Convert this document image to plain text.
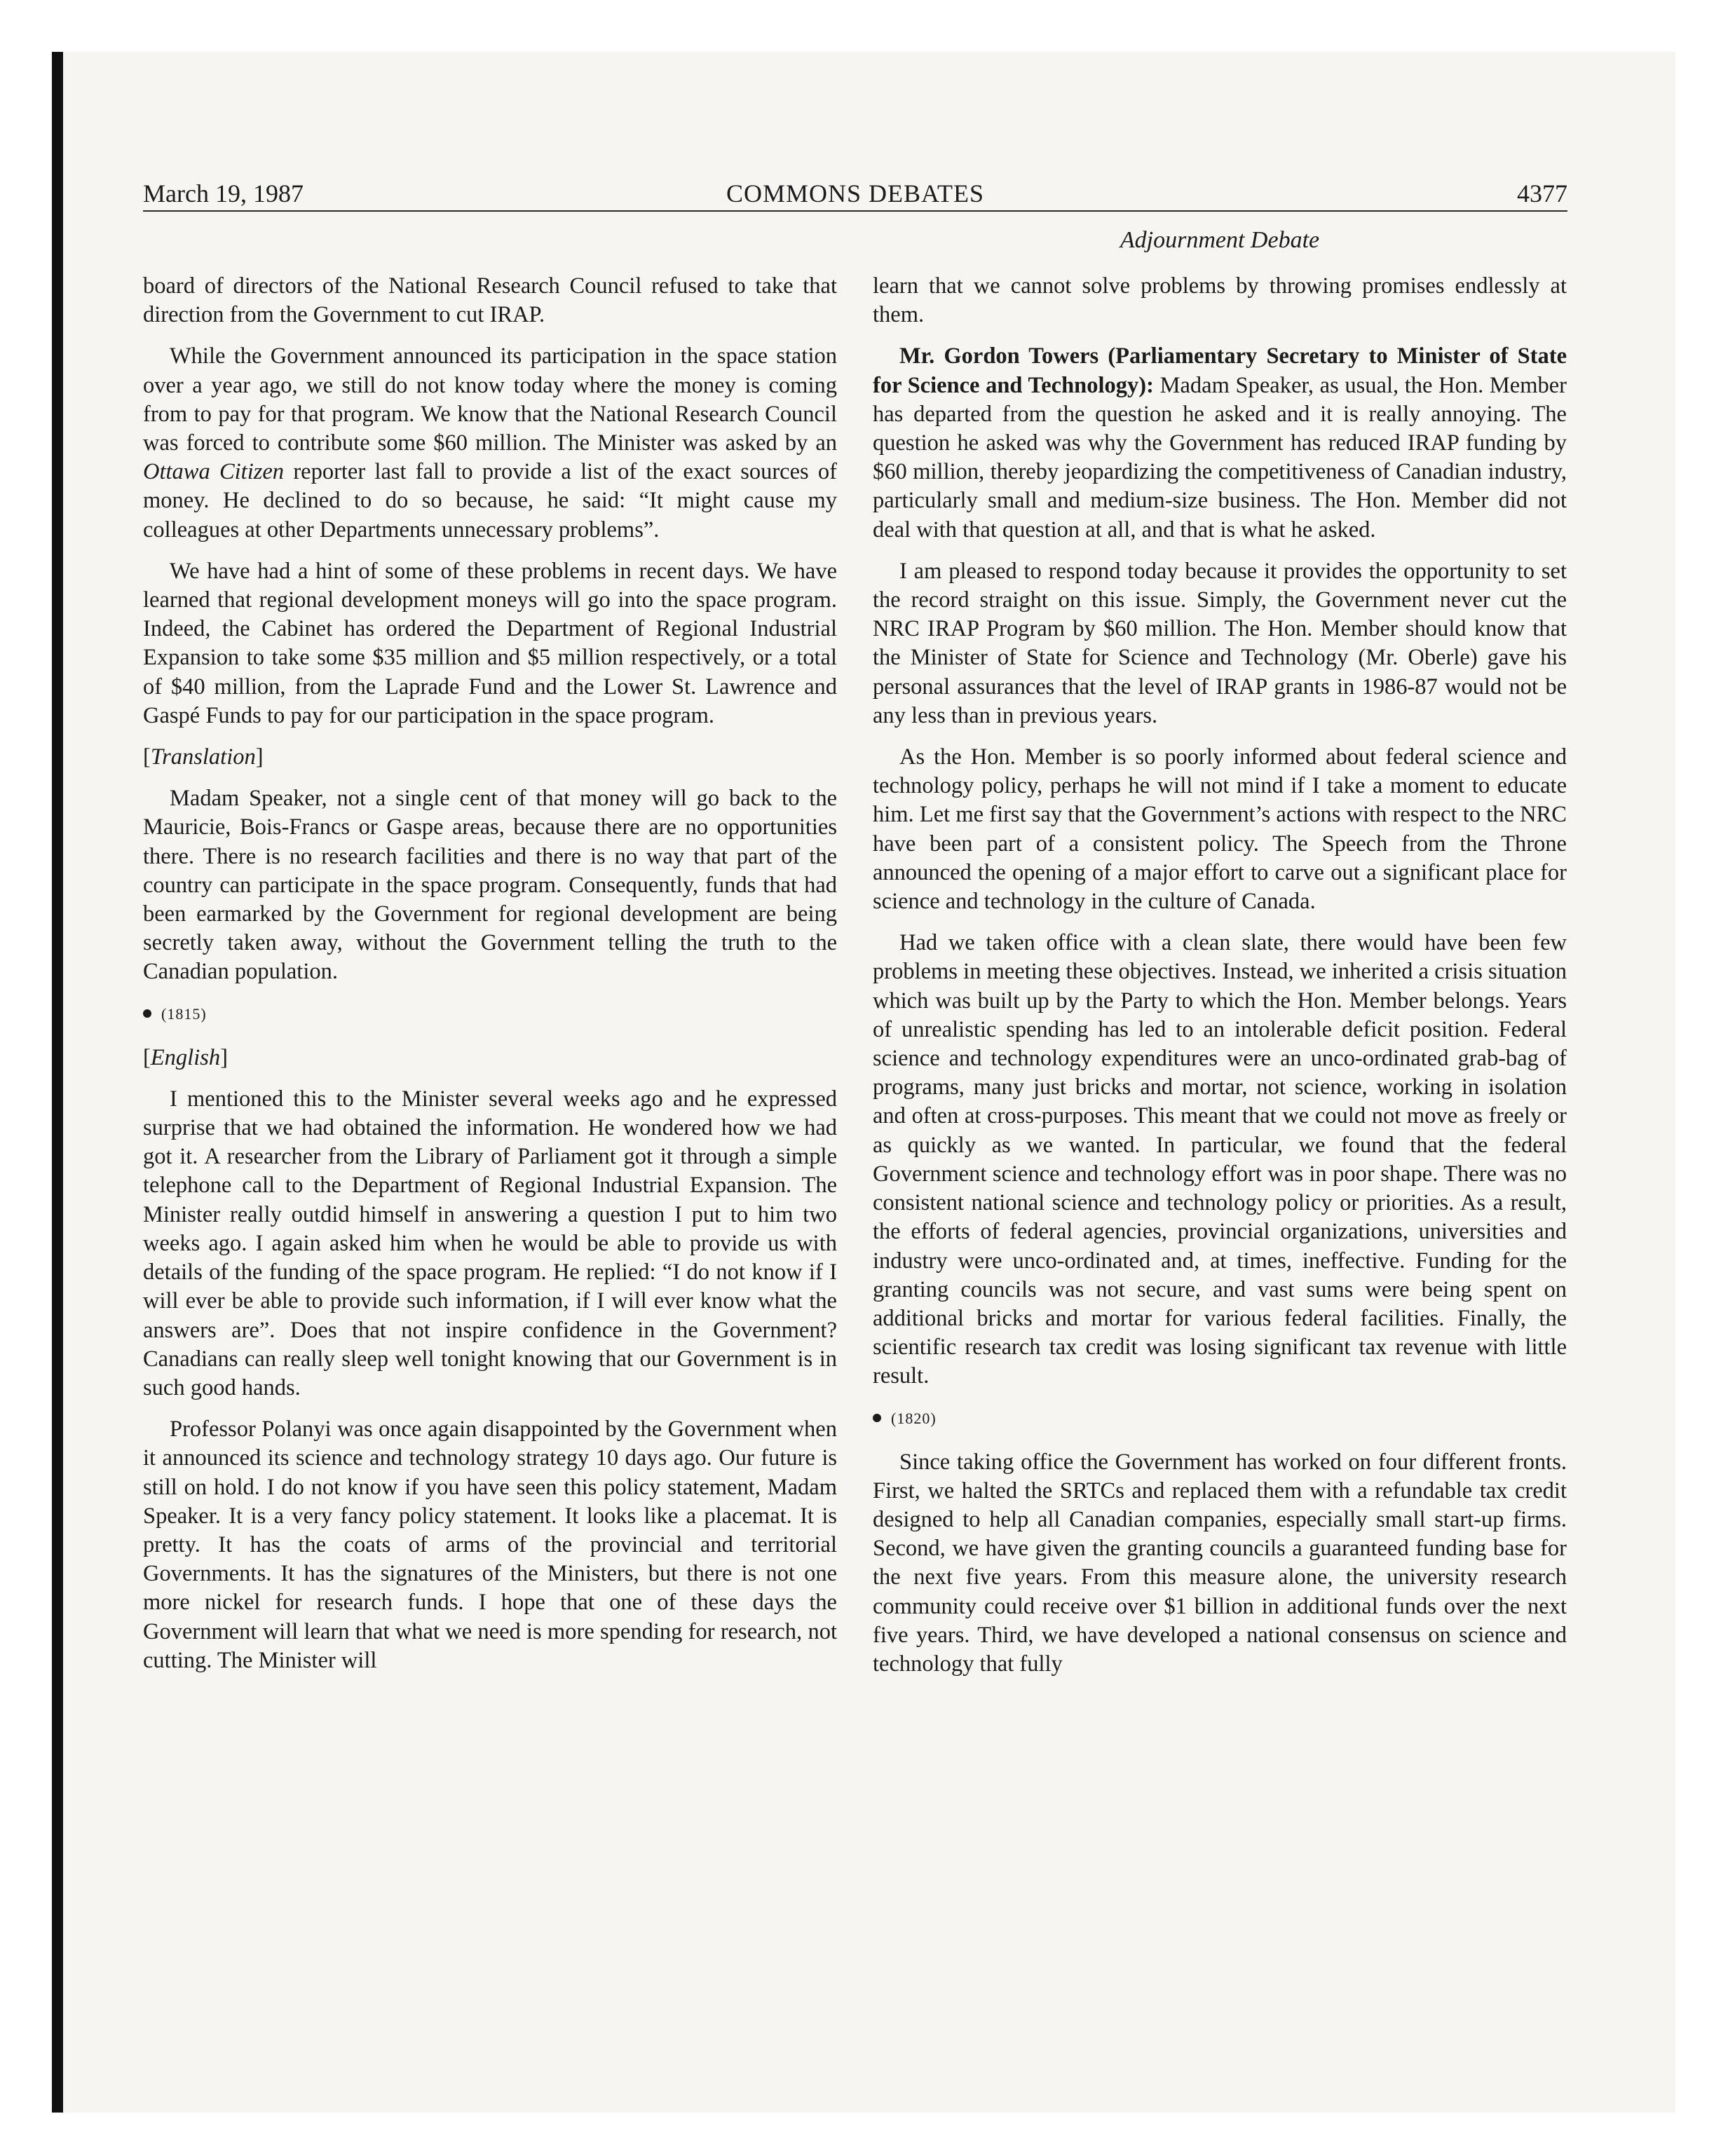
March 19, 1987	COMMONS DEBATES	4377
Adjournment Debate

board of directors of the National Research Council refused to take that direction from the Government to cut IRAP.

While the Government announced its participation in the space station over a year ago, we still do not know today where the money is coming from to pay for that program. We know that the National Research Council was forced to contribute some $60 million. The Minister was asked by an Ottawa Citizen reporter last fall to provide a list of the exact sources of money. He declined to do so because, he said: “It might cause my colleagues at other Departments unnecessary problems”.

We have had a hint of some of these problems in recent days. We have learned that regional development moneys will go into the space program. Indeed, the Cabinet has ordered the Department of Regional Industrial Expansion to take some $35 million and $5 million respectively, or a total of $40 million, from the Laprade Fund and the Lower St. Lawrence and Gaspé Funds to pay for our participation in the space program.

[Translation]

Madam Speaker, not a single cent of that money will go back to the Mauricie, Bois-Francs or Gaspe areas, because there are no opportunities there. There is no research facilities and there is no way that part of the country can participate in the space program. Consequently, funds that had been earmarked by the Government for regional development are being secretly taken away, without the Government telling the truth to the Canadian population.

(1815)

[English]

I mentioned this to the Minister several weeks ago and he expressed surprise that we had obtained the information. He wondered how we had got it. A researcher from the Library of Parliament got it through a simple telephone call to the Department of Regional Industrial Expansion. The Minister really outdid himself in answering a question I put to him two weeks ago. I again asked him when he would be able to provide us with details of the funding of the space program. He replied: “I do not know if I will ever be able to provide such information, if I will ever know what the answers are”. Does that not inspire confidence in the Government? Canadians can really sleep well tonight knowing that our Government is in such good hands.

Professor Polanyi was once again disappointed by the Government when it announced its science and technology strategy 10 days ago. Our future is still on hold. I do not know if you have seen this policy statement, Madam Speaker. It is a very fancy policy statement. It looks like a placemat. It is pretty. It has the coats of arms of the provincial and territorial Governments. It has the signatures of the Ministers, but there is not one more nickel for research funds. I hope that one of these days the Government will learn that what we need is more spending for research, not cutting. The Minister will

learn that we cannot solve problems by throwing promises endlessly at them.

Mr. Gordon Towers (Parliamentary Secretary to Minister of State for Science and Technology): Madam Speaker, as usual, the Hon. Member has departed from the question he asked and it is really annoying. The question he asked was why the Government has reduced IRAP funding by $60 million, thereby jeopardizing the competitiveness of Canadian industry, particularly small and medium-size business. The Hon. Member did not deal with that question at all, and that is what he asked.

I am pleased to respond today because it provides the opportunity to set the record straight on this issue. Simply, the Government never cut the NRC IRAP Program by $60 million. The Hon. Member should know that the Minister of State for Science and Technology (Mr. Oberle) gave his personal assurances that the level of IRAP grants in 1986-87 would not be any less than in previous years.

As the Hon. Member is so poorly informed about federal science and technology policy, perhaps he will not mind if I take a moment to educate him. Let me first say that the Government’s actions with respect to the NRC have been part of a consistent policy. The Speech from the Throne announced the opening of a major effort to carve out a significant place for science and technology in the culture of Canada.

Had we taken office with a clean slate, there would have been few problems in meeting these objectives. Instead, we inherited a crisis situation which was built up by the Party to which the Hon. Member belongs. Years of unrealistic spending has led to an intolerable deficit position. Federal science and technology expenditures were an unco-ordinated grab-bag of programs, many just bricks and mortar, not science, working in isolation and often at cross-purposes. This meant that we could not move as freely or as quickly as we wanted. In particular, we found that the federal Government science and technology effort was in poor shape. There was no consistent national science and technology policy or priorities. As a result, the efforts of federal agencies, provincial organizations, universities and industry were unco-ordinated and, at times, ineffective. Funding for the granting councils was not secure, and vast sums were being spent on additional bricks and mortar for various federal facilities. Finally, the scientific research tax credit was losing significant tax revenue with little result.

(1820)

Since taking office the Government has worked on four different fronts. First, we halted the SRTCs and replaced them with a refundable tax credit designed to help all Canadian companies, especially small start-up firms. Second, we have given the granting councils a guaranteed funding base for the next five years. From this measure alone, the university research community could receive over $1 billion in additional funds over the next five years. Third, we have developed a national consensus on science and technology that fully
